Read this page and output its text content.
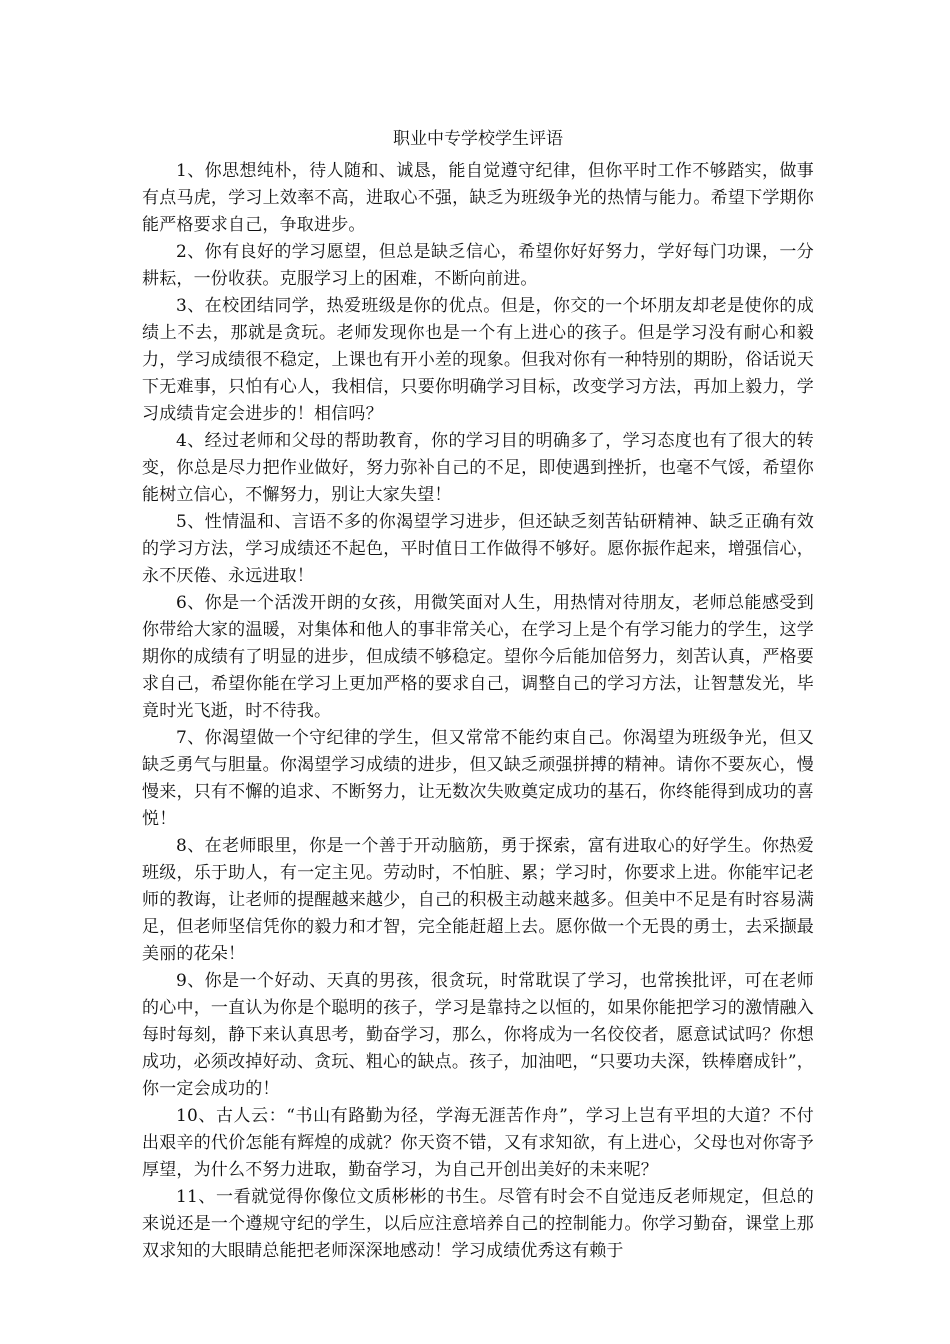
职业中专学校学生评语

1、你思想纯朴，待人随和、诚恳，能自觉遵守纪律，但你平时工作不够踏实，做事有点马虎，学习上效率不高，进取心不强，缺乏为班级争光的热情与能力。希望下学期你能严格要求自己，争取进步。

2、你有良好的学习愿望，但总是缺乏信心，希望你好好努力，学好每门功课，一分耕耘，一份收获。克服学习上的困难，不断向前进。

3、在校团结同学，热爱班级是你的优点。但是，你交的一个坏朋友却老是使你的成绩上不去，那就是贪玩。老师发现你也是一个有上进心的孩子。但是学习没有耐心和毅力，学习成绩很不稳定，上课也有开小差的现象。但我对你有一种特别的期盼，俗话说天下无难事，只怕有心人，我相信，只要你明确学习目标，改变学习方法，再加上毅力，学习成绩肯定会进步的！相信吗？

4、经过老师和父母的帮助教育，你的学习目的明确多了，学习态度也有了很大的转变，你总是尽力把作业做好，努力弥补自己的不足，即使遇到挫折，也毫不气馁，希望你能树立信心，不懈努力，别让大家失望！

5、性情温和、言语不多的你渴望学习进步，但还缺乏刻苦钻研精神、缺乏正确有效的学习方法，学习成绩还不起色，平时值日工作做得不够好。愿你振作起来，增强信心，永不厌倦、永远进取！

6、你是一个活泼开朗的女孩，用微笑面对人生，用热情对待朋友，老师总能感受到你带给大家的温暖，对集体和他人的事非常关心，在学习上是个有学习能力的学生，这学期你的成绩有了明显的进步，但成绩不够稳定。望你今后能加倍努力，刻苦认真，严格要求自己，希望你能在学习上更加严格的要求自己，调整自己的学习方法，让智慧发光，毕竟时光飞逝，时不待我。

7、你渴望做一个守纪律的学生，但又常常不能约束自己。你渴望为班级争光，但又缺乏勇气与胆量。你渴望学习成绩的进步，但又缺乏顽强拼搏的精神。请你不要灰心，慢慢来，只有不懈的追求、不断努力，让无数次失败奠定成功的基石，你终能得到成功的喜悦！

8、在老师眼里，你是一个善于开动脑筋，勇于探索，富有进取心的好学生。你热爱班级，乐于助人，有一定主见。劳动时，不怕脏、累；学习时，你要求上进。你能牢记老师的教诲，让老师的提醒越来越少，自己的积极主动越来越多。但美中不足是有时容易满足，但老师坚信凭你的毅力和才智，完全能赶超上去。愿你做一个无畏的勇士，去采撷最美丽的花朵！

9、你是一个好动、天真的男孩，很贪玩，时常耽误了学习，也常挨批评，可在老师的心中，一直认为你是个聪明的孩子，学习是靠持之以恒的，如果你能把学习的激情融入每时每刻，静下来认真思考，勤奋学习，那么，你将成为一名佼佼者，愿意试试吗？你想成功，必须改掉好动、贪玩、粗心的缺点。孩子，加油吧，“只要功夫深，铁棒磨成针”，你一定会成功的！

10、古人云：“书山有路勤为径，学海无涯苦作舟”，学习上岂有平坦的大道？不付出艰辛的代价怎能有辉煌的成就？你天资不错，又有求知欲，有上进心，父母也对你寄予厚望，为什么不努力进取，勤奋学习，为自己开创出美好的未来呢？

11、一看就觉得你像位文质彬彬的书生。尽管有时会不自觉违反老师规定，但总的来说还是一个遵规守纪的学生，以后应注意培养自己的控制能力。你学习勤奋，课堂上那双求知的大眼睛总能把老师深深地感动！学习成绩优秀这有赖于
